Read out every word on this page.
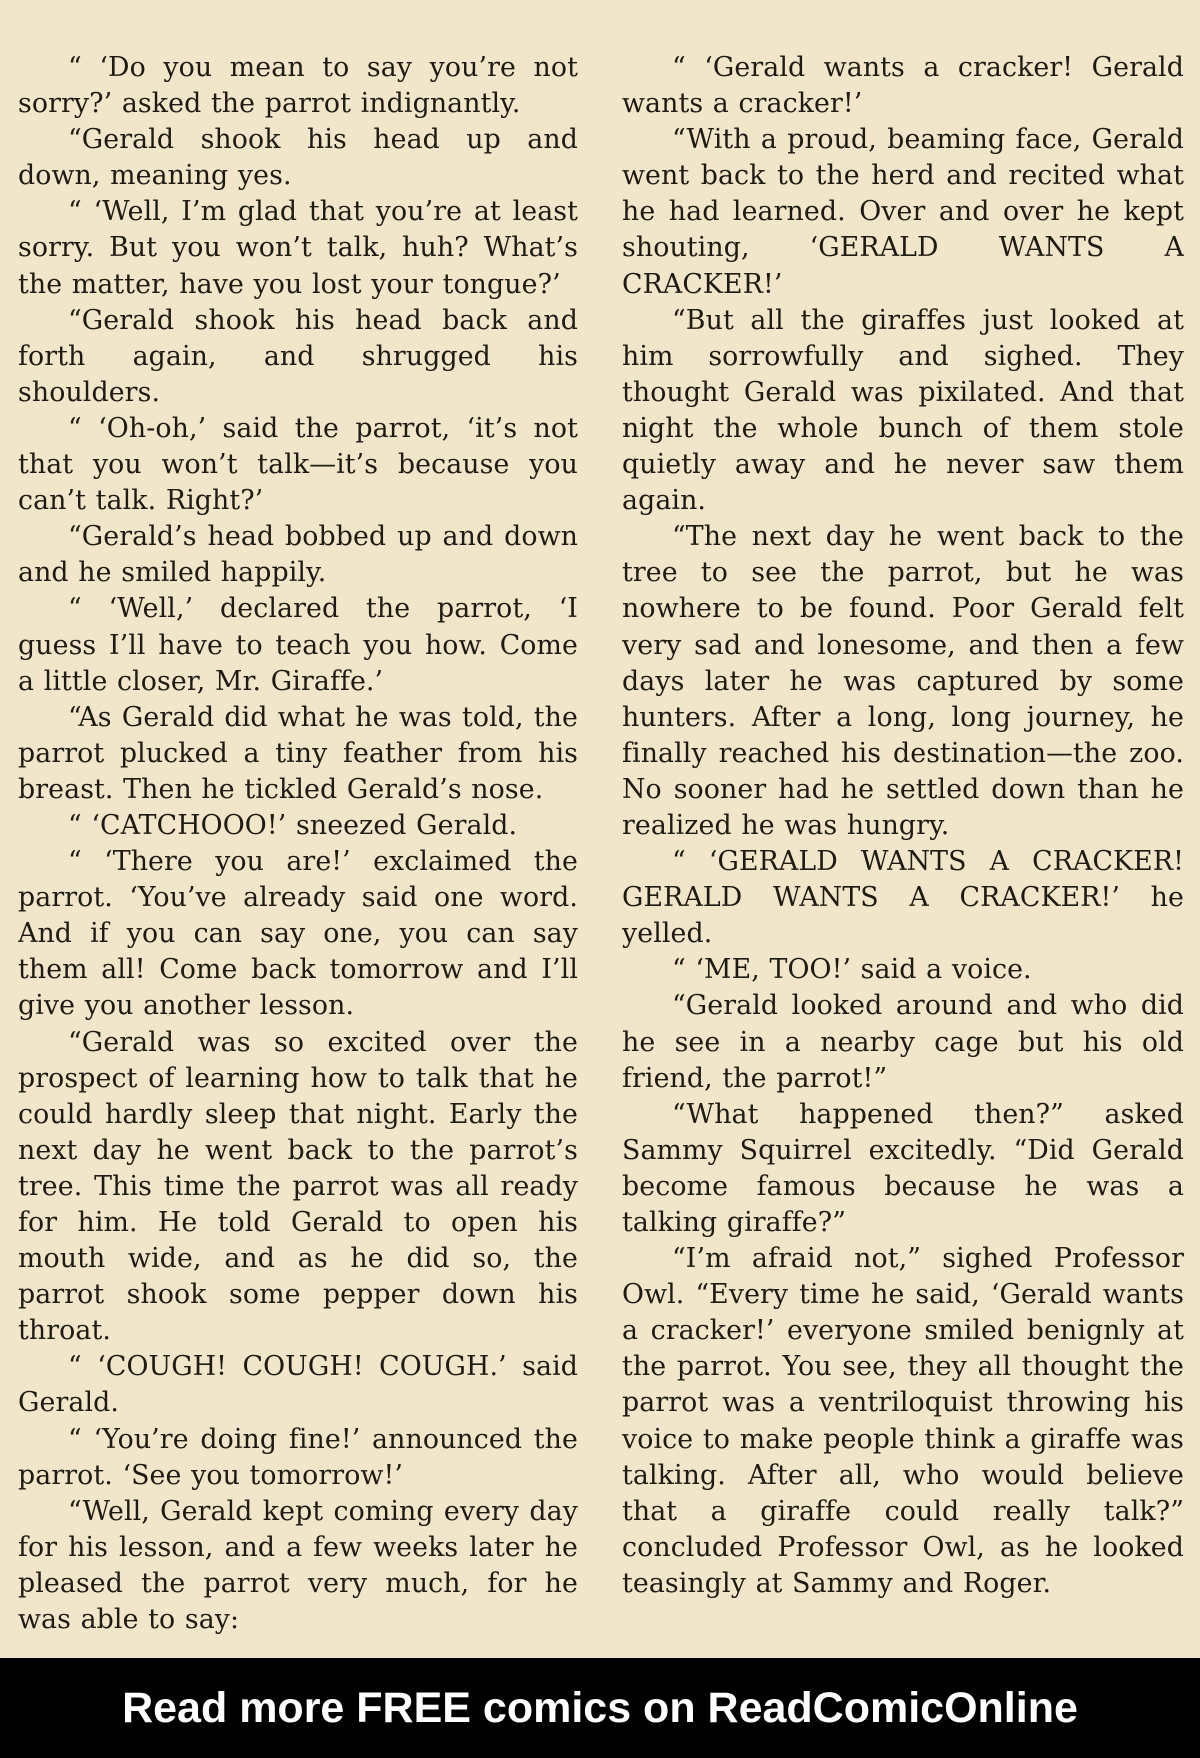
“ ‘Do you mean to say you’re not sorry?’ asked the parrot indignantly.

“Gerald shook his head up and down, meaning yes.

“ ‘Well, I’m glad that you’re at least sorry. But you won’t talk, huh? What’s the matter, have you lost your tongue?’

“Gerald shook his head back and forth again, and shrugged his shoulders.

“ ‘Oh-oh,’ said the parrot, ‘it’s not that you won’t talk—it’s because you can’t talk. Right?’

“Gerald’s head bobbed up and down and he smiled happily.

“ ‘Well,’ declared the parrot, ‘I guess I’ll have to teach you how. Come a little closer, Mr. Giraffe.’

“As Gerald did what he was told, the parrot plucked a tiny feather from his breast. Then he tickled Gerald’s nose.

“ ‘CATCHOOO!’ sneezed Gerald.

“ ‘There you are!’ exclaimed the parrot. ‘You’ve already said one word. And if you can say one, you can say them all! Come back tomorrow and I’ll give you another lesson.

“Gerald was so excited over the prospect of learning how to talk that he could hardly sleep that night. Early the next day he went back to the parrot’s tree. This time the parrot was all ready for him. He told Gerald to open his mouth wide, and as he did so, the parrot shook some pepper down his throat.

“ ‘COUGH! COUGH! COUGH.’ said Gerald.

“ ‘You’re doing fine!’ announced the parrot. ‘See you tomorrow!’

“Well, Gerald kept coming every day for his lesson, and a few weeks later he pleased the parrot very much, for he was able to say:

“ ‘Gerald wants a cracker! Gerald wants a cracker!’

“With a proud, beaming face, Gerald went back to the herd and recited what he had learned. Over and over he kept shouting, ‘GERALD WANTS A CRACKER!’

“But all the giraffes just looked at him sorrowfully and sighed. They thought Gerald was pixilated. And that night the whole bunch of them stole quietly away and he never saw them again.

“The next day he went back to the tree to see the parrot, but he was nowhere to be found. Poor Gerald felt very sad and lonesome, and then a few days later he was captured by some hunters. After a long, long journey, he finally reached his destination—the zoo. No sooner had he settled down than he realized he was hungry.

“ ‘GERALD WANTS A CRACKER! GERALD WANTS A CRACKER!’ he yelled.

“ ‘ME, TOO!’ said a voice.

“Gerald looked around and who did he see in a nearby cage but his old friend, the parrot!”

“What happened then?” asked Sammy Squirrel excitedly. “Did Gerald become famous because he was a talking giraffe?”

“I’m afraid not,” sighed Professor Owl. “Every time he said, ‘Gerald wants a cracker!’ everyone smiled benignly at the parrot. You see, they all thought the parrot was a ventriloquist throwing his voice to make people think a giraffe was talking. After all, who would believe that a giraffe could really talk?” concluded Professor Owl, as he looked teasingly at Sammy and Roger.

Read more FREE comics on ReadComicOnline
